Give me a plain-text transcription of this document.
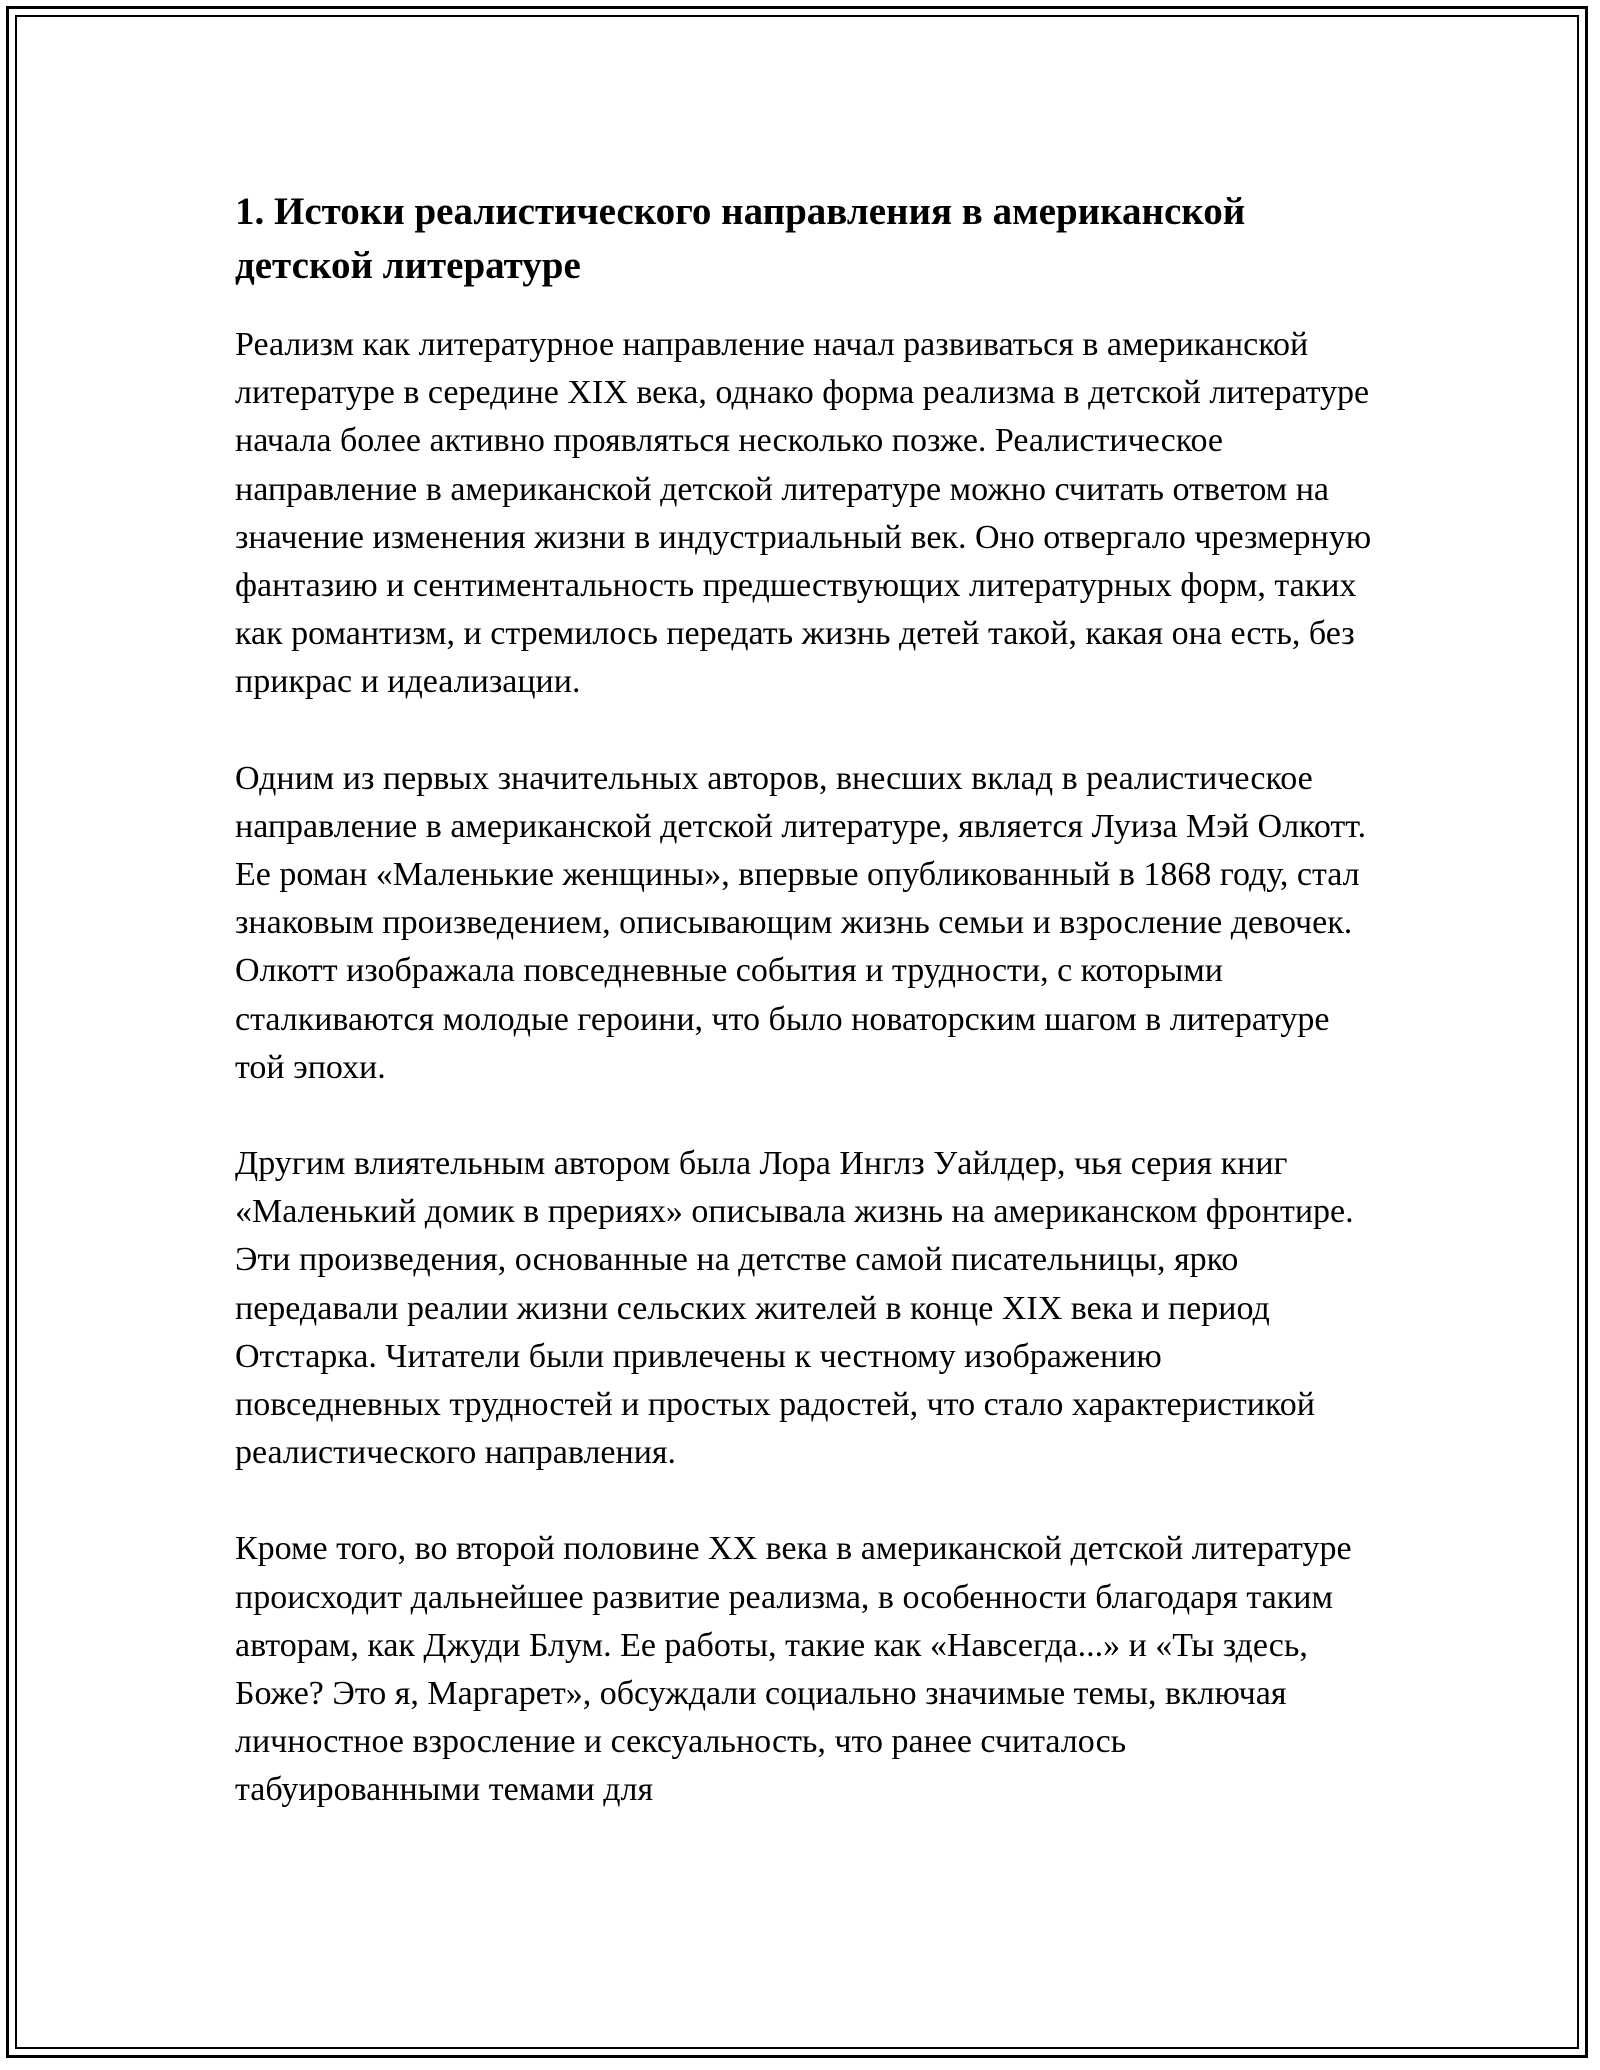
1. Истоки реалистического направления в американской детской литературе

Реализм как литературное направление начал развиваться в американской литературе в середине XIX века, однако форма реализма в детской литературе начала более активно проявляться несколько позже. Реалистическое направление в американской детской литературе можно считать ответом на значение изменения жизни в индустриальный век. Оно отвергало чрезмерную фантазию и сентиментальность предшествующих литературных форм, таких как романтизм, и стремилось передать жизнь детей такой, какая она есть, без прикрас и идеализации.

Одним из первых значительных авторов, внесших вклад в реалистическое направление в американской детской литературе, является Луиза Мэй Олкотт. Ее роман «Маленькие женщины», впервые опубликованный в 1868 году, стал знаковым произведением, описывающим жизнь семьи и взросление девочек. Олкотт изображала повседневные события и трудности, с которыми сталкиваются молодые героини, что было новаторским шагом в литературе той эпохи.

Другим влиятельным автором была Лора Инглз Уайлдер, чья серия книг «Маленький домик в прериях» описывала жизнь на американском фронтире. Эти произведения, основанные на детстве самой писательницы, ярко передавали реалии жизни сельских жителей в конце XIX века и период Отстарка. Читатели были привлечены к честному изображению повседневных трудностей и простых радостей, что стало характеристикой реалистического направления.

Кроме того, во второй половине XX века в американской детской литературе происходит дальнейшее развитие реализма, в особенности благодаря таким авторам, как Джуди Блум. Ее работы, такие как «Навсегда...» и «Ты здесь, Боже? Это я, Маргарет», обсуждали социально значимые темы, включая личностное взросление и сексуальность, что ранее считалось табуированными темами для
